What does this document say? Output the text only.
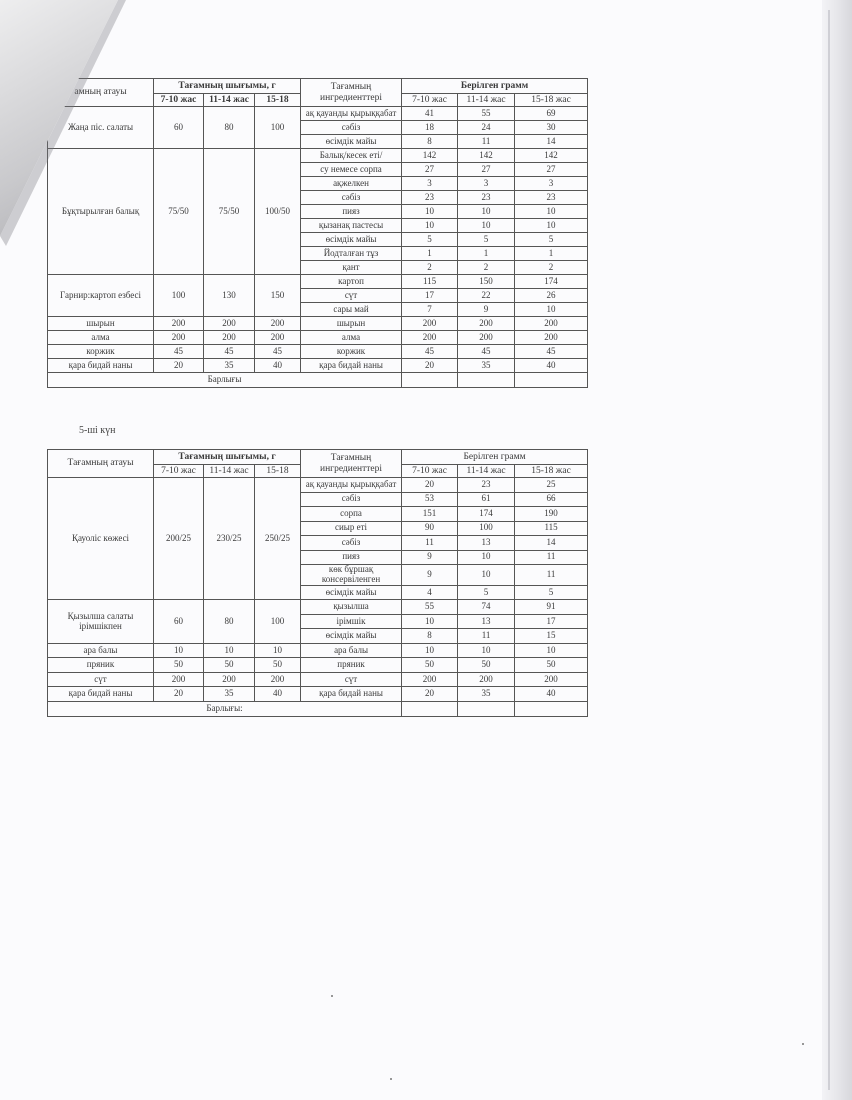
амның атауы	Тағамның шығымы, г			Тағамның ингредиенттері	Берілген грамм		
	7-10 жас	11-14 жас	15-18		7-10 жас	11-14 жас	15-18 жас
Жаңа піс. салаты	60	80	100	ақ қауанды қырыққабат	41	55	69
				сәбіз	18	24	30
				өсімдік майы	8	11	14
Бұқтырылған балық	75/50	75/50	100/50	Балық/кесек еті/	142	142	142
				су немесе сорпа	27	27	27
				ақжелкен	3	3	3
				сәбіз	23	23	23
				пияз	10	10	10
				қызанақ пастесы	10	10	10
				өсімдік майы	5	5	5
				Йодталған тұз	1	1	1
				қант	2	2	2
Гарнир:картоп езбесі	100	130	150	картоп	115	150	174
				сүт	17	22	26
				сары май	7	9	10
шырын	200	200	200	шырын	200	200	200
алма	200	200	200	алма	200	200	200
коржик	45	45	45	коржик	45	45	45
қара бидай наны	20	35	40	қара бидай наны	20	35	40
Барлығы							
5-ші күн
Тағамның атауы	Тағамның шығымы, г			Тағамның ингредиенттері	Берілген грамм		
	7-10 жас	11-14 жас	15-18		7-10 жас	11-14 жас	15-18 жас
Қауоліс көжесі	200/25	230/25	250/25	ақ қауанды қырыққабат	20	23	25
				сәбіз	53	61	66
				сорпа	151	174	190
				сиыр еті	90	100	115
				сәбіз	11	13	14
				пияз	9	10	11
				көк бұршақ консервіленген	9	10	11
				өсімдік майы	4	5	5
Қызылша салаты ірімшікпен	60	80	100	қызылша	55	74	91
				ірімшік	10	13	17
				өсімдік майы	8	11	15
ара балы	10	10	10	ара балы	10	10	10
пряник	50	50	50	пряник	50	50	50
сүт	200	200	200	сүт	200	200	200
қара бидай наны	20	35	40	қара бидай наны	20	35	40
Барлығы:							
